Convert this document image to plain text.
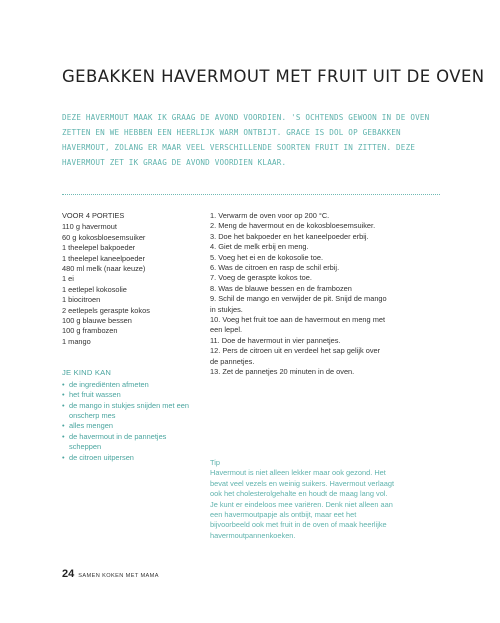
GEBAKKEN HAVERMOUT MET FRUIT UIT DE OVEN

DEZE HAVERMOUT MAAK IK GRAAG DE AVOND VOORDIEN. 'S OCHTENDS GEWOON IN DE OVEN ZETTEN EN WE HEBBEN EEN HEERLIJK WARM ONTBIJT. GRACE IS DOL OP GEBAKKEN HAVERMOUT, ZOLANG ER MAAR VEEL VERSCHILLENDE SOORTEN FRUIT IN ZITTEN. DEZE HAVERMOUT ZET IK GRAAG DE AVOND VOORDIEN KLAAR.

VOOR 4 PORTIES
110 g havermout
60 g kokosbloesemsuiker
1 theelepel bakpoeder
1 theelepel kaneelpoeder
480 ml melk (naar keuze)
1 ei
1 eetlepel kokosolie
1 biocitroen
2 eetlepels geraspte kokos
100 g blauwe bessen
100 g frambozen
1 mango
JE KIND KAN
• de ingrediënten afmeten
• het fruit wassen
• de mango in stukjes snijden met een onscherp mes
• alles mengen
• de havermout in de pannetjes scheppen
• de citroen uitpersen
1. Verwarm de oven voor op 200 °C.
2. Meng de havermout en de kokosbloesemsuiker.
3. Doe het bakpoeder en het kaneelpoeder erbij.
4. Giet de melk erbij en meng.
5. Voeg het ei en de kokosolie toe.
6. Was de citroen en rasp de schil erbij.
7. Voeg de geraspte kokos toe.
8. Was de blauwe bessen en de frambozen
9. Schil de mango en verwijder de pit. Snijd de mango in stukjes.
10. Voeg het fruit toe aan de havermout en meng met een lepel.
11. Doe de havermout in vier pannetjes.
12. Pers de citroen uit en verdeel het sap gelijk over de pannetjes.
13. Zet de pannetjes 20 minuten in de oven.
Tip

Havermout is niet alleen lekker maar ook gezond. Het bevat veel vezels en weinig suikers. Havermout verlaagt ook het cholesterolgehalte en houdt de maag lang vol.

Je kunt er eindeloos mee variëren. Denk niet alleen aan een havermoutpapje als ontbijt, maar eet het bijvoorbeeld ook met fruit in de oven of maak heerlijke havermoutpannenkoeken.

24 SAMEN KOKEN MET MAMA
